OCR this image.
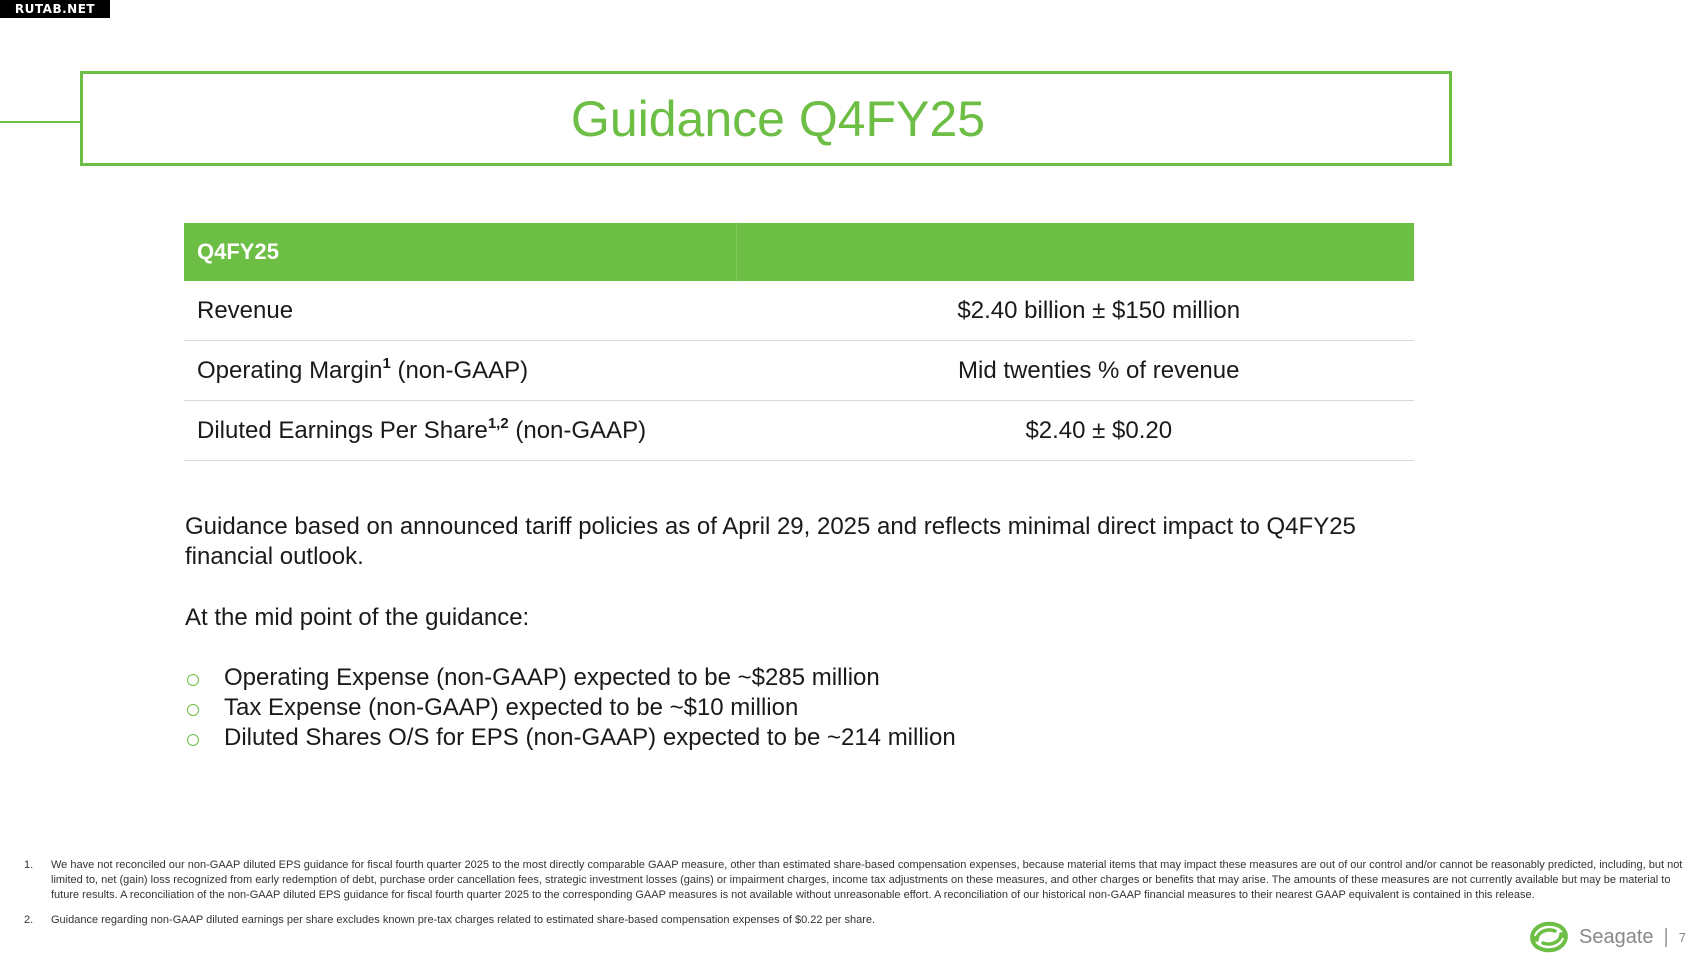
RUTAB.NET
Guidance Q4FY25
Q4FY25	
Revenue	$2.40 billion ± $150 million
Operating Margin$^1$ (non-GAAP)	Mid twenties % of revenue
Diluted Earnings Per Share$^{1,2}$ (non-GAAP)	$2.40 ± $0.20

Guidance based on announced tariff policies as of April 29, 2025 and reflects minimal direct impact to Q4FY25 financial outlook.

At the mid point of the guidance:

Operating Expense (non-GAAP) expected to be ~$285 million
Tax Expense (non-GAAP) expected to be ~$10 million
Diluted Shares O/S for EPS (non-GAAP) expected to be ~214 million
1.	We have not reconciled our non-GAAP diluted EPS guidance for fiscal fourth quarter 2025 to the most directly comparable GAAP measure, other than estimated share-based compensation expenses, because material items that may impact these measures are out of our control and/or cannot be reasonably predicted, including, but not limited to, net (gain) loss recognized from early redemption of debt, purchase order cancellation fees, strategic investment losses (gains) or impairment charges, income tax adjustments on these measures, and other charges or benefits that may arise. The amounts of these measures are not currently available but may be material to future results. A reconciliation of the non-GAAP diluted EPS guidance for fiscal fourth quarter 2025 to the corresponding GAAP measures is not available without unreasonable effort. A reconciliation of our historical non-GAAP financial measures to their nearest GAAP equivalent is contained in this release.
2.	Guidance regarding non-GAAP diluted earnings per share excludes known pre-tax charges related to estimated share-based compensation expenses of $0.22 per share.
Seagate | 7
